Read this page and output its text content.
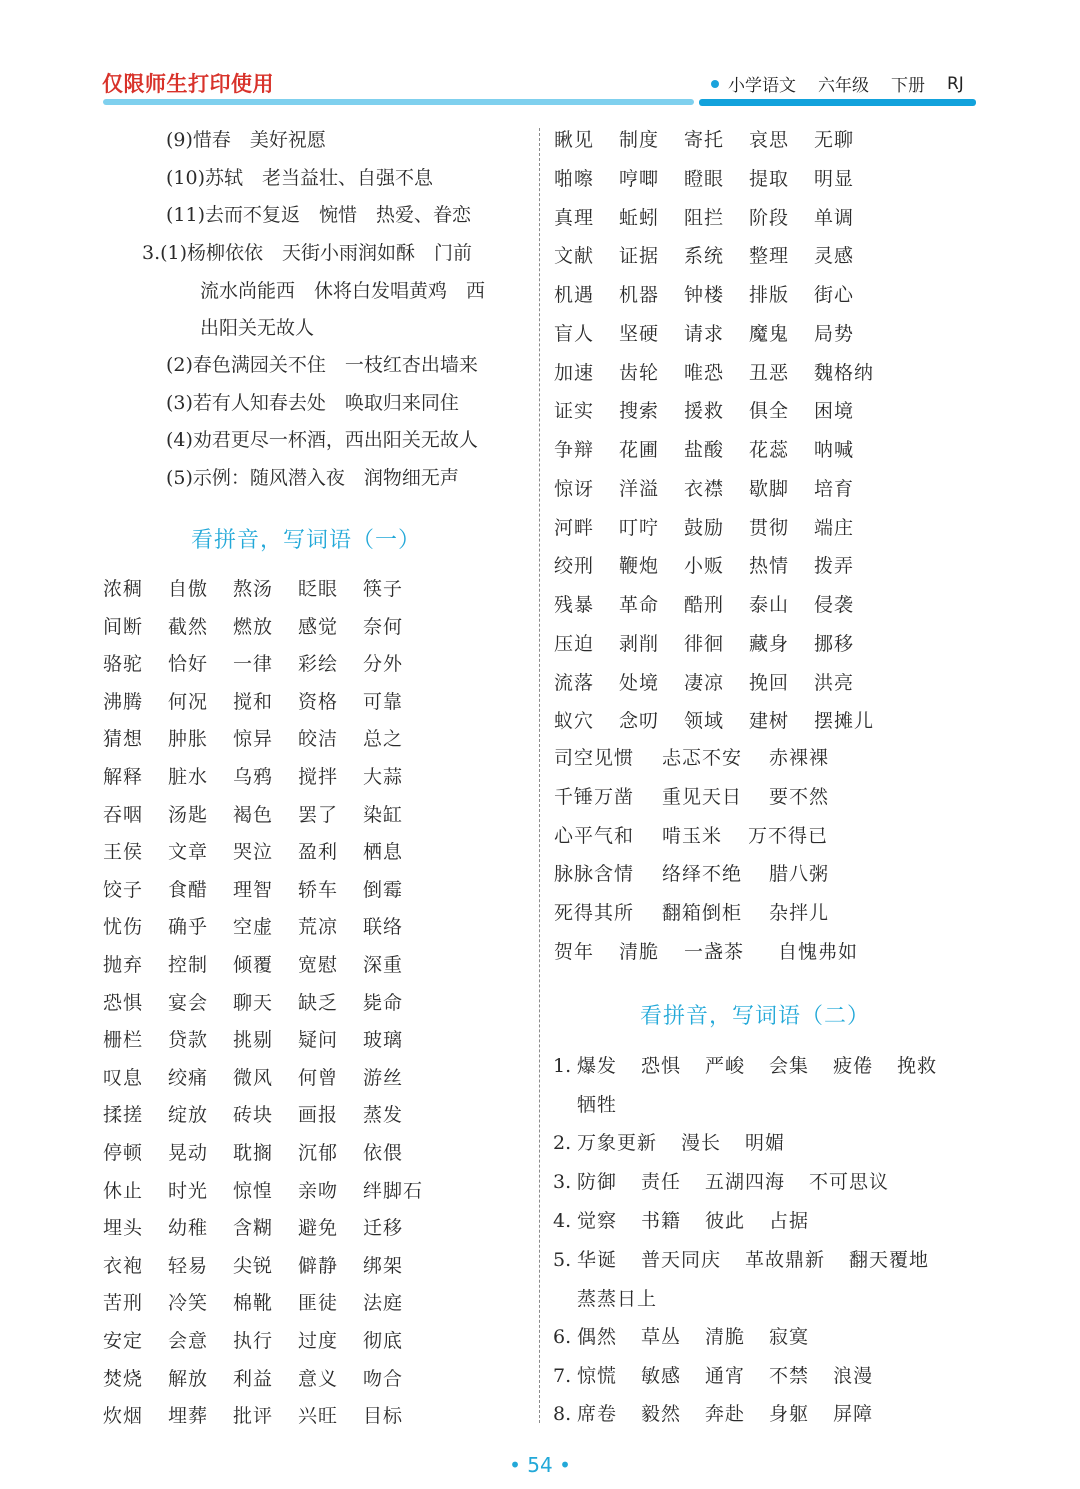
仅限师生打印使用	小学语文 六年级 下册 RJ
(9)惜春　美好祝愿
(10)苏轼　老当益壮、自强不息
(11)去而不复返　惋惜　热爱、眷恋
3.(1)杨柳依依　天街小雨润如酥　门前
流水尚能西　休将白发唱黄鸡　西
出阳关无故人
(2)春色满园关不住　一枝红杏出墙来
(3)若有人知春去处　唤取归来同住
(4)劝君更尽一杯酒，西出阳关无故人
(5)示例：随风潜入夜　润物细无声
看拼音，写词语（一）
浓稠 自傲 熬汤 眨眼 筷子
间断 截然 燃放 感觉 奈何
骆驼 恰好 一律 彩绘 分外
沸腾 何况 搅和 资格 可靠
猜想 肿胀 惊异 皎洁 总之
解释 脏水 乌鸦 搅拌 大蒜
吞咽 汤匙 褐色 罢了 染缸
王侯 文章 哭泣 盈利 栖息
饺子 食醋 理智 轿车 倒霉
忧伤 确乎 空虚 荒凉 联络
抛弃 控制 倾覆 宽慰 深重
恐惧 宴会 聊天 缺乏 毙命
栅栏 贷款 挑剔 疑问 玻璃
叹息 绞痛 微风 何曾 游丝
揉搓 绽放 砖块 画报 蒸发
停顿 晃动 耽搁 沉郁 依偎
休止 时光 惊惶 亲吻 绊脚石
埋头 幼稚 含糊 避免 迁移
衣袍 轻易 尖锐 僻静 绑架
苦刑 冷笑 棉靴 匪徒 法庭
安定 会意 执行 过度 彻底
焚烧 解放 利益 意义 吻合
炊烟 埋葬 批评 兴旺 目标
瞅见 制度 寄托 哀思 无聊
啪嚓 哼唧 瞪眼 提取 明显
真理 蚯蚓 阻拦 阶段 单调
文献 证据 系统 整理 灵感
机遇 机器 钟楼 排版 街心
盲人 坚硬 请求 魔鬼 局势
加速 齿轮 唯恐 丑恶 魏格纳
证实 搜索 援救 俱全 困境
争辩 花圃 盐酸 花蕊 呐喊
惊讶 洋溢 衣襟 歇脚 培育
河畔 叮咛 鼓励 贯彻 端庄
绞刑 鞭炮 小贩 热情 拨弄
残暴 革命 酷刑 泰山 侵袭
压迫 剥削 徘徊 藏身 挪移
流落 处境 凄凉 挽回 洪亮
蚁穴 念叨 领域 建树 摆摊儿
司空见惯 忐忑不安 赤裸裸
千锤万凿 重见天日 要不然
心平气和 啃玉米 万不得已
脉脉含情 络绎不绝 腊八粥
死得其所 翻箱倒柜 杂拌儿
贺年 清脆 一盏茶 自愧弗如
看拼音，写词语（二）
1. 爆发 恐惧 严峻 会集 疲倦 挽救
牺牲
2. 万象更新 漫长 明媚
3. 防御 责任 五湖四海 不可思议
4. 觉察 书籍 彼此 占据
5. 华诞 普天同庆 革故鼎新 翻天覆地
蒸蒸日上
6. 偶然 草丛 清脆 寂寞
7. 惊慌 敏感 通宵 不禁 浪漫
8. 席卷 毅然 奔赴 身躯 屏障
• 54 •
